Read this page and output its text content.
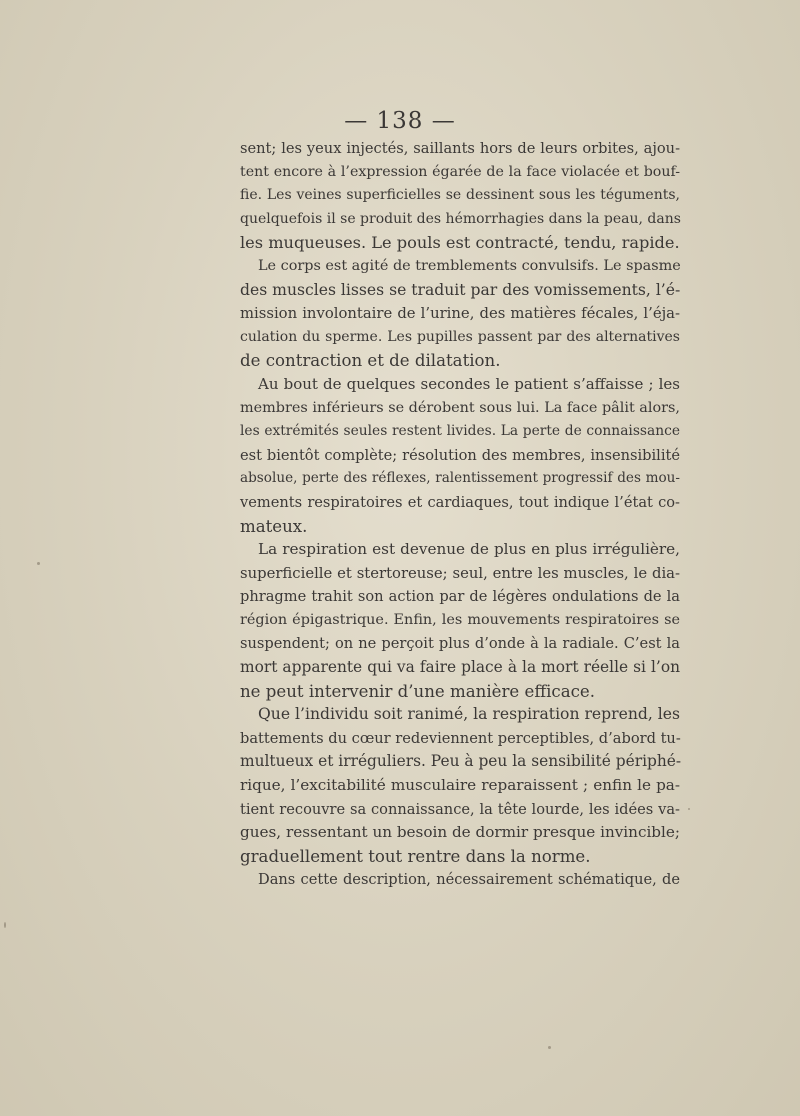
— 138 —
sent; les yeux injectés, saillants hors de leurs orbites, ajou-
tent encore à l’expression égarée de la face violacée et bouf-
fie. Les veines superficielles se dessinent sous les téguments,
quelquefois il se produit des hémorrhagies dans la peau, dans
les muqueuses. Le pouls est contracté, tendu, rapide.
Le corps est agité de tremblements convulsifs. Le spasme
des muscles lisses se traduit par des vomissements, l’é-
mission involontaire de l’urine, des matières fécales, l’éja-
culation du sperme. Les pupilles passent par des alternatives
de contraction et de dilatation.
Au bout de quelques secondes le patient s’affaisse ; les
membres inférieurs se dérobent sous lui. La face pâlit alors,
les extrémités seules restent livides. La perte de connaissance
est bientôt complète; résolution des membres, insensibilité
absolue, perte des réflexes, ralentissement progressif des mou-
vements respiratoires et cardiaques, tout indique l’état co-
mateux.
La respiration est devenue de plus en plus irrégulière,
superficielle et stertoreuse; seul, entre les muscles, le dia-
phragme trahit son action par de légères ondulations de la
région épigastrique. Enfin, les mouvements respiratoires se
suspendent; on ne perçoit plus d’onde à la radiale. C’est la
mort apparente qui va faire place à la mort réelle si l’on
ne peut intervenir d’une manière efficace.
Que l’individu soit ranimé, la respiration reprend, les
battements du cœur redeviennent perceptibles, d’abord tu-
multueux et irréguliers. Peu à peu la sensibilité périphé-
rique, l’excitabilité musculaire reparaissent ; enfin le pa-
tient recouvre sa connaissance, la tête lourde, les idées va-
gues, ressentant un besoin de dormir presque invincible;
graduellement tout rentre dans la norme.
Dans cette description, nécessairement schématique, de
